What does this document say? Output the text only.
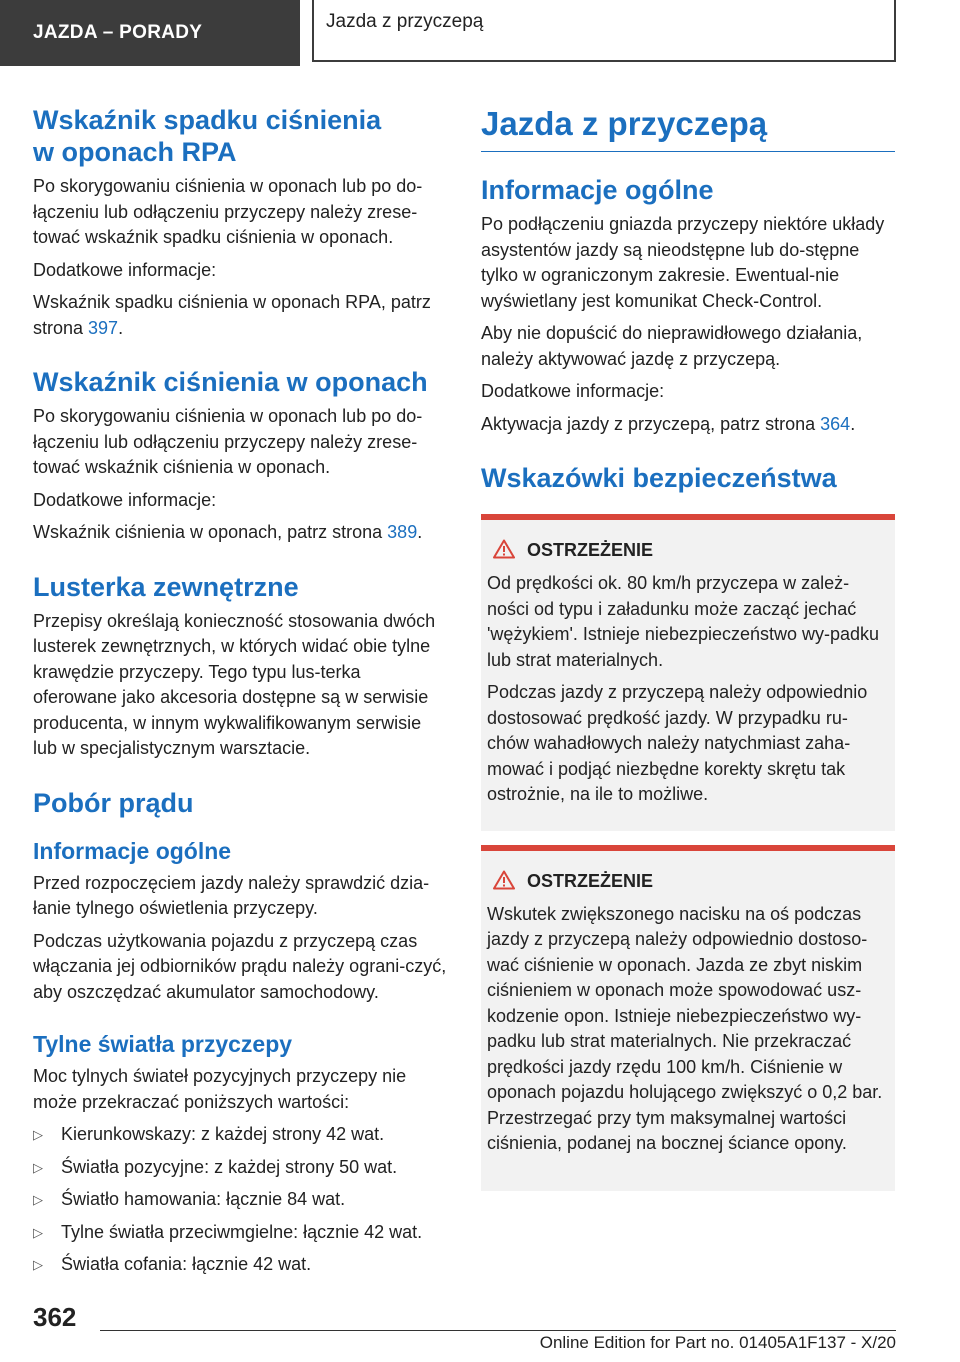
JAZDA – PORADY
Jazda z przyczepą
Wskaźnik spadku ciśnienia
w oponach RPA

Po skorygowaniu ciśnienia w oponach lub po do-łączeniu lub odłączeniu przyczepy należy zrese-tować wskaźnik spadku ciśnienia w oponach.

Dodatkowe informacje:

Wskaźnik spadku ciśnienia w oponach RPA, patrz strona 397.

Wskaźnik ciśnienia w oponach

Po skorygowaniu ciśnienia w oponach lub po do-łączeniu lub odłączeniu przyczepy należy zrese-tować wskaźnik ciśnienia w oponach.

Dodatkowe informacje:

Wskaźnik ciśnienia w oponach, patrz strona 389.

Lusterka zewnętrzne

Przepisy określają konieczność stosowania dwóch lusterek zewnętrznych, w których widać obie tylne krawędzie przyczepy. Tego typu lus-terka oferowane jako akcesoria dostępne są w serwisie producenta, w innym wykwalifikowanym serwisie lub w specjalistycznym warsztacie.

Pobór prądu
Informacje ogólne

Przed rozpoczęciem jazdy należy sprawdzić dzia-łanie tylnego oświetlenia przyczepy.

Podczas użytkowania pojazdu z przyczepą czas włączania jej odbiorników prądu należy ograni-czyć, aby oszczędzać akumulator samochodowy.

Tylne światła przyczepy

Moc tylnych świateł pozycyjnych przyczepy nie może przekraczać poniższych wartości:

▷ Kierunkowskazy: z każdej strony 42 wat.
▷ Światła pozycyjne: z każdej strony 50 wat.
▷ Światło hamowania: łącznie 84 wat.
▷ Tylne światła przeciwmgielne: łącznie 42 wat.
▷ Światła cofania: łącznie 42 wat.
Jazda z przyczepą
Informacje ogólne

Po podłączeniu gniazda przyczepy niektóre układy asystentów jazdy są nieodstępne lub do-stępne tylko w ograniczonym zakresie. Ewentual-nie wyświetlany jest komunikat Check-Control.

Aby nie dopuścić do nieprawidłowego działania, należy aktywować jazdę z przyczepą.

Dodatkowe informacje:

Aktywacja jazdy z przyczepą, patrz strona 364.

Wskazówki bezpieczeństwa
OSTRZEŻENIE

Od prędkości ok. 80 km/h przyczepa w zależ-ności od typu i załadunku może zacząć jechać 'wężykiem'. Istnieje niebezpieczeństwo wy-padku lub strat materialnych.

Podczas jazdy z przyczepą należy odpowiednio dostosować prędkość jazdy. W przypadku ru-chów wahadłowych należy natychmiast zaha-mować i podjąć niezbędne korekty skrętu tak ostrożnie, na ile to możliwe.

OSTRZEŻENIE

Wskutek zwiększonego nacisku na oś podczas jazdy z przyczepą należy odpowiednio dostoso-wać ciśnienie w oponach. Jazda ze zbyt niskim ciśnieniem w oponach może spowodować usz-kodzenie opon. Istnieje niebezpieczeństwo wy-padku lub strat materialnych. Nie przekraczać prędkości jazdy rzędu 100 km/h. Ciśnienie w oponach pojazdu holującego zwiększyć o 0,2 bar. Przestrzegać przy tym maksymalnej wartości ciśnienia, podanej na bocznej ściance opony.

362
Online Edition for Part no. 01405A1F137 - X/20
